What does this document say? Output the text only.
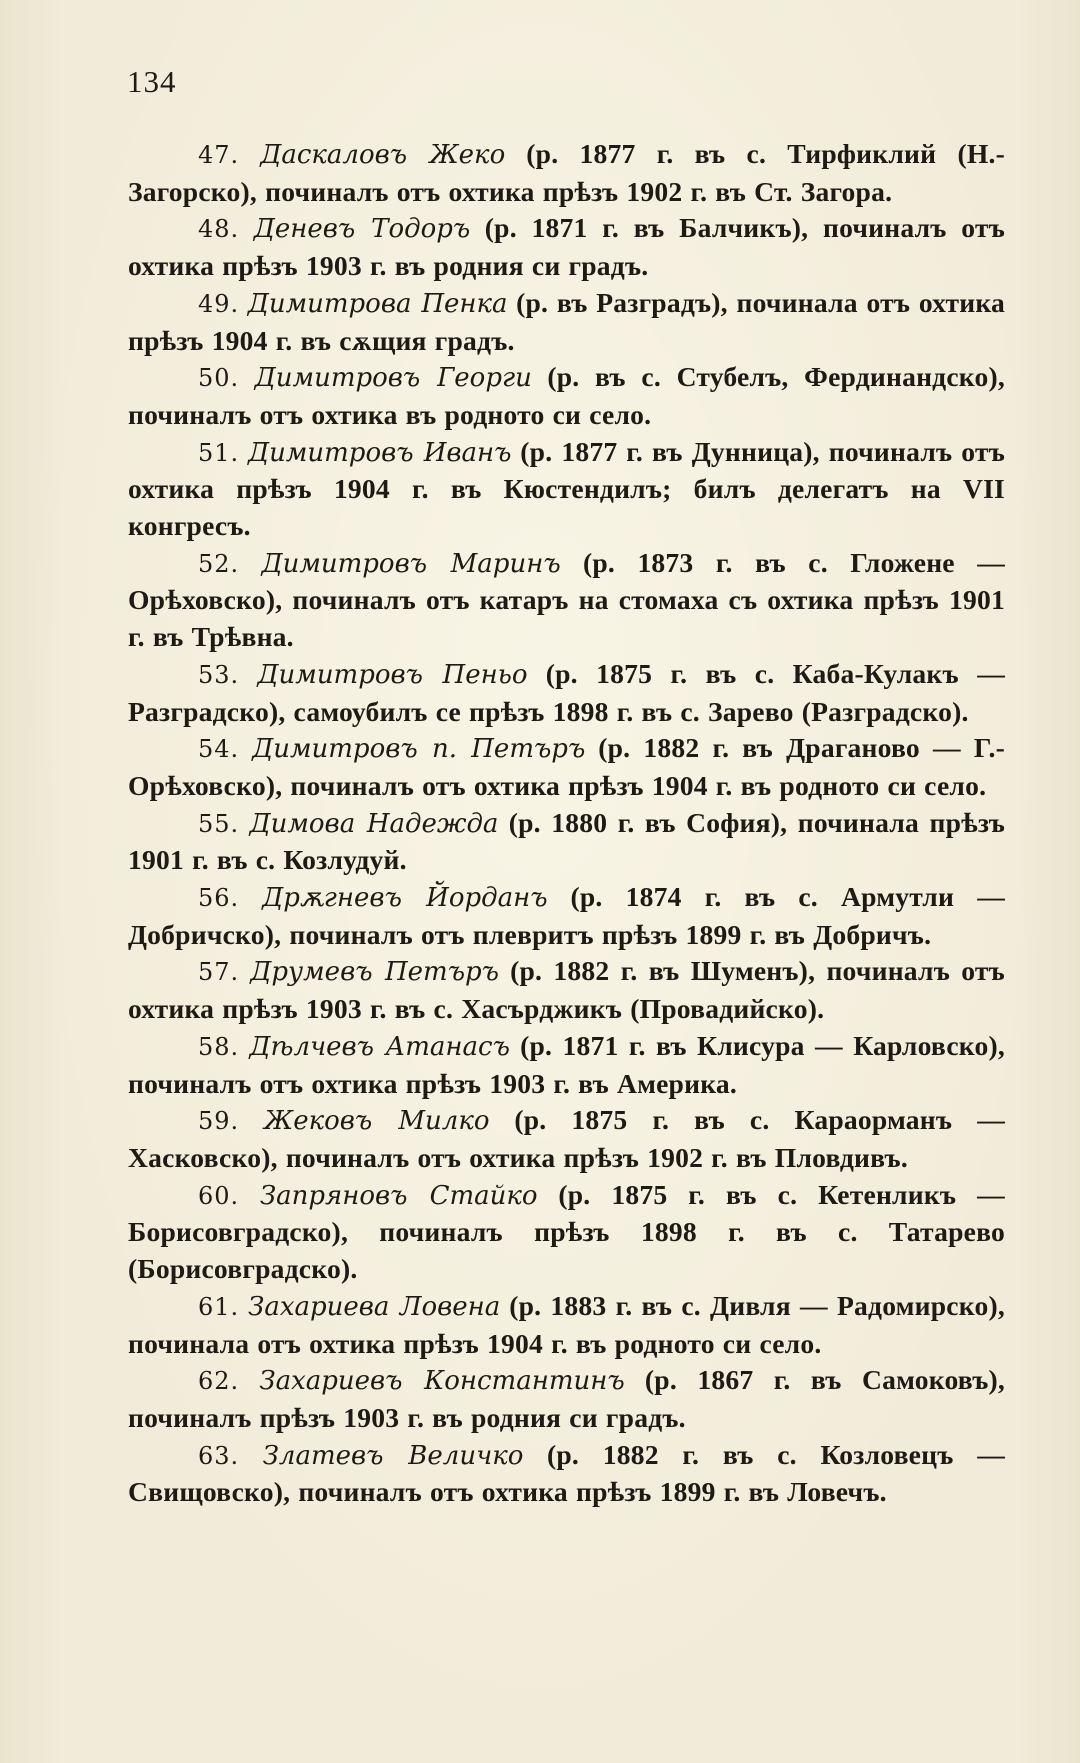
134

47. Даскаловъ Жеко (р. 1877 г. въ с. Тирфиклий (Н.-Загорско), починалъ отъ охтика прѣзъ 1902 г. въ Ст. Загора.

48. Деневъ Тодоръ (р. 1871 г. въ Балчикъ), починалъ отъ охтика прѣзъ 1903 г. въ родния си градъ.

49. Димитрова Пенка (р. въ Разградъ), починала отъ охтика прѣзъ 1904 г. въ сѫщия градъ.

50. Димитровъ Георги (р. въ с. Стубелъ, Фердинандско), починалъ отъ охтика въ родното си село.

51. Димитровъ Иванъ (р. 1877 г. въ Дунница), починалъ отъ охтика прѣзъ 1904 г. въ Кюстендилъ; билъ делегатъ на VII конгресъ.

52. Димитровъ Маринъ (р. 1873 г. въ с. Гложене — Орѣховско), починалъ отъ катаръ на стомаха съ охтика прѣзъ 1901 г. въ Трѣвна.

53. Димитровъ Пеньо (р. 1875 г. въ с. Каба-Кулакъ — Разградско), самоубилъ се прѣзъ 1898 г. въ с. Зарево (Разградско).

54. Димитровъ п. Петъръ (р. 1882 г. въ Драганово — Г.-Орѣховско), починалъ отъ охтика прѣзъ 1904 г. въ родното си село.

55. Димова Надежда (р. 1880 г. въ София), починала прѣзъ 1901 г. въ с. Козлудуй.

56. Дрѫгневъ Йорданъ (р. 1874 г. въ с. Армутли — Добричско), починалъ отъ плевритъ прѣзъ 1899 г. въ Добричъ.

57. Друмевъ Петъръ (р. 1882 г. въ Шуменъ), починалъ отъ охтика прѣзъ 1903 г. въ с. Хасърджикъ (Провадийско).

58. Дѣлчевъ Атанасъ (р. 1871 г. въ Клисура — Карловско), починалъ отъ охтика прѣзъ 1903 г. въ Америка.

59. Жековъ Милко (р. 1875 г. въ с. Караорманъ — Хасковско), починалъ отъ охтика прѣзъ 1902 г. въ Пловдивъ.

60. Запряновъ Стайко (р. 1875 г. въ с. Кетенликъ — Борисовградско), починалъ прѣзъ 1898 г. въ с. Татарево (Борисовградско).

61. Захариева Ловена (р. 1883 г. въ с. Дивля — Радомирско), починала отъ охтика прѣзъ 1904 г. въ родното си село.

62. Захариевъ Константинъ (р. 1867 г. въ Самоковъ), починалъ прѣзъ 1903 г. въ родния си градъ.

63. Златевъ Величко (р. 1882 г. въ с. Козловецъ — Свищовско), починалъ отъ охтика прѣзъ 1899 г. въ Ловечъ.
